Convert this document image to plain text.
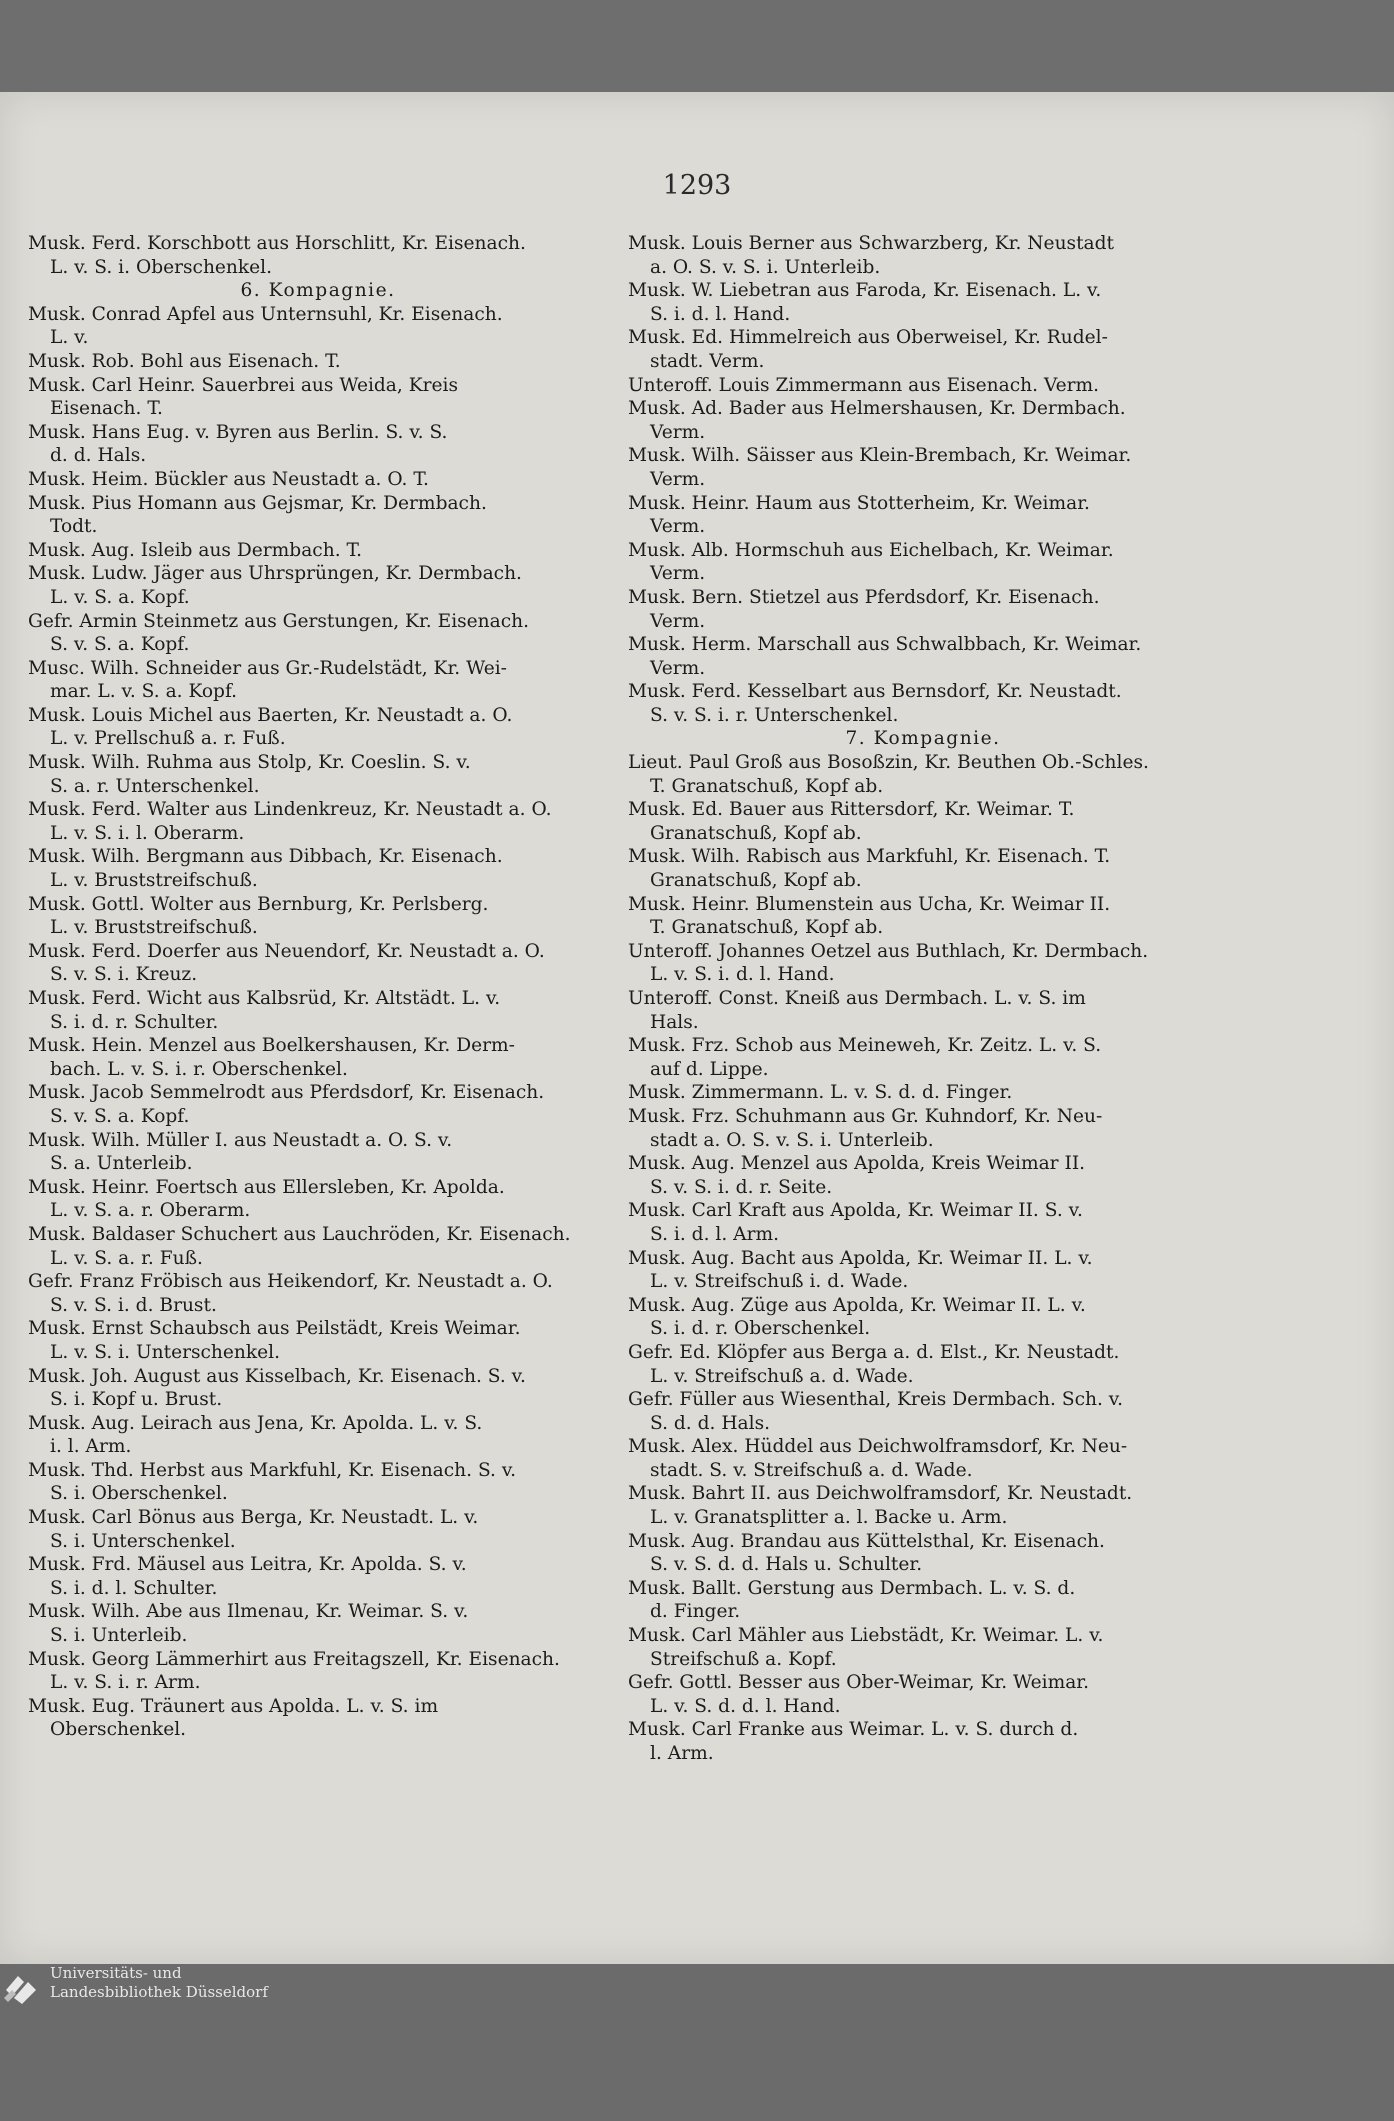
1293

Musk. Ferd. Korschbott aus Horschlitt, Kr. Eisenach.
L. v. S. i. Oberschenkel.

6. Kompagnie.

Musk. Conrad Apfel aus Unternsuhl, Kr. Eisenach.
L. v.

Musk. Rob. Bohl aus Eisenach. T.

Musk. Carl Heinr. Sauerbrei aus Weida, Kreis
Eisenach. T.

Musk. Hans Eug. v. Byren aus Berlin. S. v. S.
d. d. Hals.

Musk. Heim. Bückler aus Neustadt a. O. T.

Musk. Pius Homann aus Gejsmar, Kr. Dermbach.
Todt.

Musk. Aug. Isleib aus Dermbach. T.

Musk. Ludw. Jäger aus Uhrsprüngen, Kr. Dermbach.
L. v. S. a. Kopf.

Gefr. Armin Steinmetz aus Gerstungen, Kr. Eisenach.
S. v. S. a. Kopf.

Musc. Wilh. Schneider aus Gr.-Rudelstädt, Kr. Wei-
mar. L. v. S. a. Kopf.

Musk. Louis Michel aus Baerten, Kr. Neustadt a. O.
L. v. Prellschuß a. r. Fuß.

Musk. Wilh. Ruhma aus Stolp, Kr. Coeslin. S. v.
S. a. r. Unterschenkel.

Musk. Ferd. Walter aus Lindenkreuz, Kr. Neustadt a. O.
L. v. S. i. l. Oberarm.

Musk. Wilh. Bergmann aus Dibbach, Kr. Eisenach.
L. v. Bruststreifschuß.

Musk. Gottl. Wolter aus Bernburg, Kr. Perlsberg.
L. v. Bruststreifschuß.

Musk. Ferd. Doerfer aus Neuendorf, Kr. Neustadt a. O.
S. v. S. i. Kreuz.

Musk. Ferd. Wicht aus Kalbsrüd, Kr. Altstädt. L. v.
S. i. d. r. Schulter.

Musk. Hein. Menzel aus Boelkershausen, Kr. Derm-
bach. L. v. S. i. r. Oberschenkel.

Musk. Jacob Semmelrodt aus Pferdsdorf, Kr. Eisenach.
S. v. S. a. Kopf.

Musk. Wilh. Müller I. aus Neustadt a. O. S. v.
S. a. Unterleib.

Musk. Heinr. Foertsch aus Ellersleben, Kr. Apolda.
L. v. S. a. r. Oberarm.

Musk. Baldaser Schuchert aus Lauchröden, Kr. Eisenach.
L. v. S. a. r. Fuß.

Gefr. Franz Fröbisch aus Heikendorf, Kr. Neustadt a. O.
S. v. S. i. d. Brust.

Musk. Ernst Schaubsch aus Peilstädt, Kreis Weimar.
L. v. S. i. Unterschenkel.

Musk. Joh. August aus Kisselbach, Kr. Eisenach. S. v.
S. i. Kopf u. Brust.

Musk. Aug. Leirach aus Jena, Kr. Apolda. L. v. S.
i. l. Arm.

Musk. Thd. Herbst aus Markfuhl, Kr. Eisenach. S. v.
S. i. Oberschenkel.

Musk. Carl Bönus aus Berga, Kr. Neustadt. L. v.
S. i. Unterschenkel.

Musk. Frd. Mäusel aus Leitra, Kr. Apolda. S. v.
S. i. d. l. Schulter.

Musk. Wilh. Abe aus Ilmenau, Kr. Weimar. S. v.
S. i. Unterleib.

Musk. Georg Lämmerhirt aus Freitagszell, Kr. Eisenach.
L. v. S. i. r. Arm.

Musk. Eug. Träunert aus Apolda. L. v. S. im
Oberschenkel.

Musk. Louis Berner aus Schwarzberg, Kr. Neustadt
a. O. S. v. S. i. Unterleib.

Musk. W. Liebetran aus Faroda, Kr. Eisenach. L. v.
S. i. d. l. Hand.

Musk. Ed. Himmelreich aus Oberweisel, Kr. Rudel-
stadt. Verm.

Unteroff. Louis Zimmermann aus Eisenach. Verm.

Musk. Ad. Bader aus Helmershausen, Kr. Dermbach.
Verm.

Musk. Wilh. Säisser aus Klein-Brembach, Kr. Weimar.
Verm.

Musk. Heinr. Haum aus Stotterheim, Kr. Weimar.
Verm.

Musk. Alb. Hormschuh aus Eichelbach, Kr. Weimar.
Verm.

Musk. Bern. Stietzel aus Pferdsdorf, Kr. Eisenach.
Verm.

Musk. Herm. Marschall aus Schwalbbach, Kr. Weimar.
Verm.

Musk. Ferd. Kesselbart aus Bernsdorf, Kr. Neustadt.
S. v. S. i. r. Unterschenkel.

7. Kompagnie.

Lieut. Paul Groß aus Bosoßzin, Kr. Beuthen Ob.-Schles.
T. Granatschuß, Kopf ab.

Musk. Ed. Bauer aus Rittersdorf, Kr. Weimar. T.
Granatschuß, Kopf ab.

Musk. Wilh. Rabisch aus Markfuhl, Kr. Eisenach. T.
Granatschuß, Kopf ab.

Musk. Heinr. Blumenstein aus Ucha, Kr. Weimar II.
T. Granatschuß, Kopf ab.

Unteroff. Johannes Oetzel aus Buthlach, Kr. Dermbach.
L. v. S. i. d. l. Hand.

Unteroff. Const. Kneiß aus Dermbach. L. v. S. im
Hals.

Musk. Frz. Schob aus Meineweh, Kr. Zeitz. L. v. S.
auf d. Lippe.

Musk. Zimmermann. L. v. S. d. d. Finger.

Musk. Frz. Schuhmann aus Gr. Kuhndorf, Kr. Neu-
stadt a. O. S. v. S. i. Unterleib.

Musk. Aug. Menzel aus Apolda, Kreis Weimar II.
S. v. S. i. d. r. Seite.

Musk. Carl Kraft aus Apolda, Kr. Weimar II. S. v.
S. i. d. l. Arm.

Musk. Aug. Bacht aus Apolda, Kr. Weimar II. L. v.
L. v. Streifschuß i. d. Wade.

Musk. Aug. Züge aus Apolda, Kr. Weimar II. L. v.
S. i. d. r. Oberschenkel.

Gefr. Ed. Klöpfer aus Berga a. d. Elst., Kr. Neustadt.
L. v. Streifschuß a. d. Wade.

Gefr. Füller aus Wiesenthal, Kreis Dermbach. Sch. v.
S. d. d. Hals.

Musk. Alex. Hüddel aus Deichwolframsdorf, Kr. Neu-
stadt. S. v. Streifschuß a. d. Wade.

Musk. Bahrt II. aus Deichwolframsdorf, Kr. Neustadt.
L. v. Granatsplitter a. l. Backe u. Arm.

Musk. Aug. Brandau aus Küttelsthal, Kr. Eisenach.
S. v. S. d. d. Hals u. Schulter.

Musk. Ballt. Gerstung aus Dermbach. L. v. S. d.
d. Finger.

Musk. Carl Mähler aus Liebstädt, Kr. Weimar. L. v.
Streifschuß a. Kopf.

Gefr. Gottl. Besser aus Ober-Weimar, Kr. Weimar.
L. v. S. d. d. l. Hand.

Musk. Carl Franke aus Weimar. L. v. S. durch d.
l. Arm.

Universitäts- und
Landesbibliothek Düsseldorf
